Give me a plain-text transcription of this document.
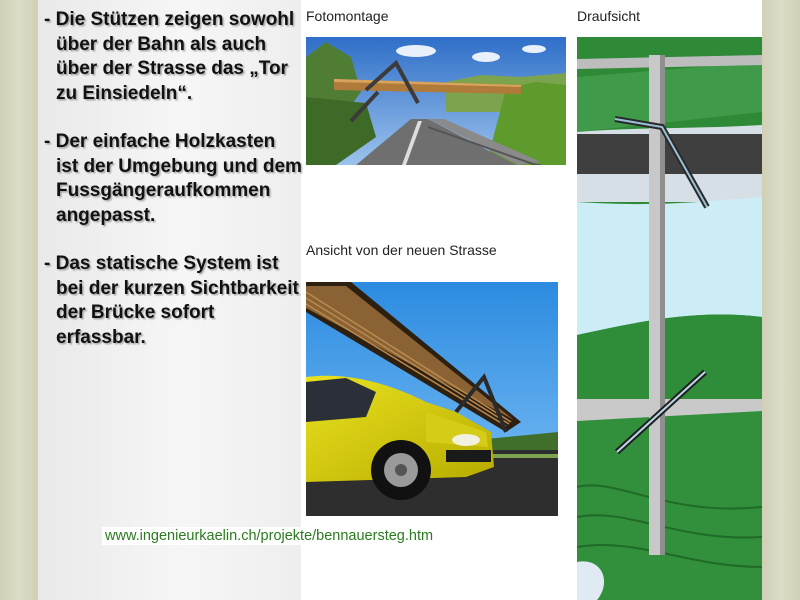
- Die Stützen zeigen sowohl über der Bahn als auch über der Strasse das „Tor zu Einsiedeln“.
- Der einfache Holzkasten ist der Umgebung und dem Fussgängeraufkommen angepasst.
- Das statische System ist bei der kurzen Sichtbarkeit der Brücke sofort erfassbar.
Fotomontage	Draufsicht
Ansicht von der neuen Strasse
www.ingenieurkaelin.ch/projekte/bennauersteg.htm
